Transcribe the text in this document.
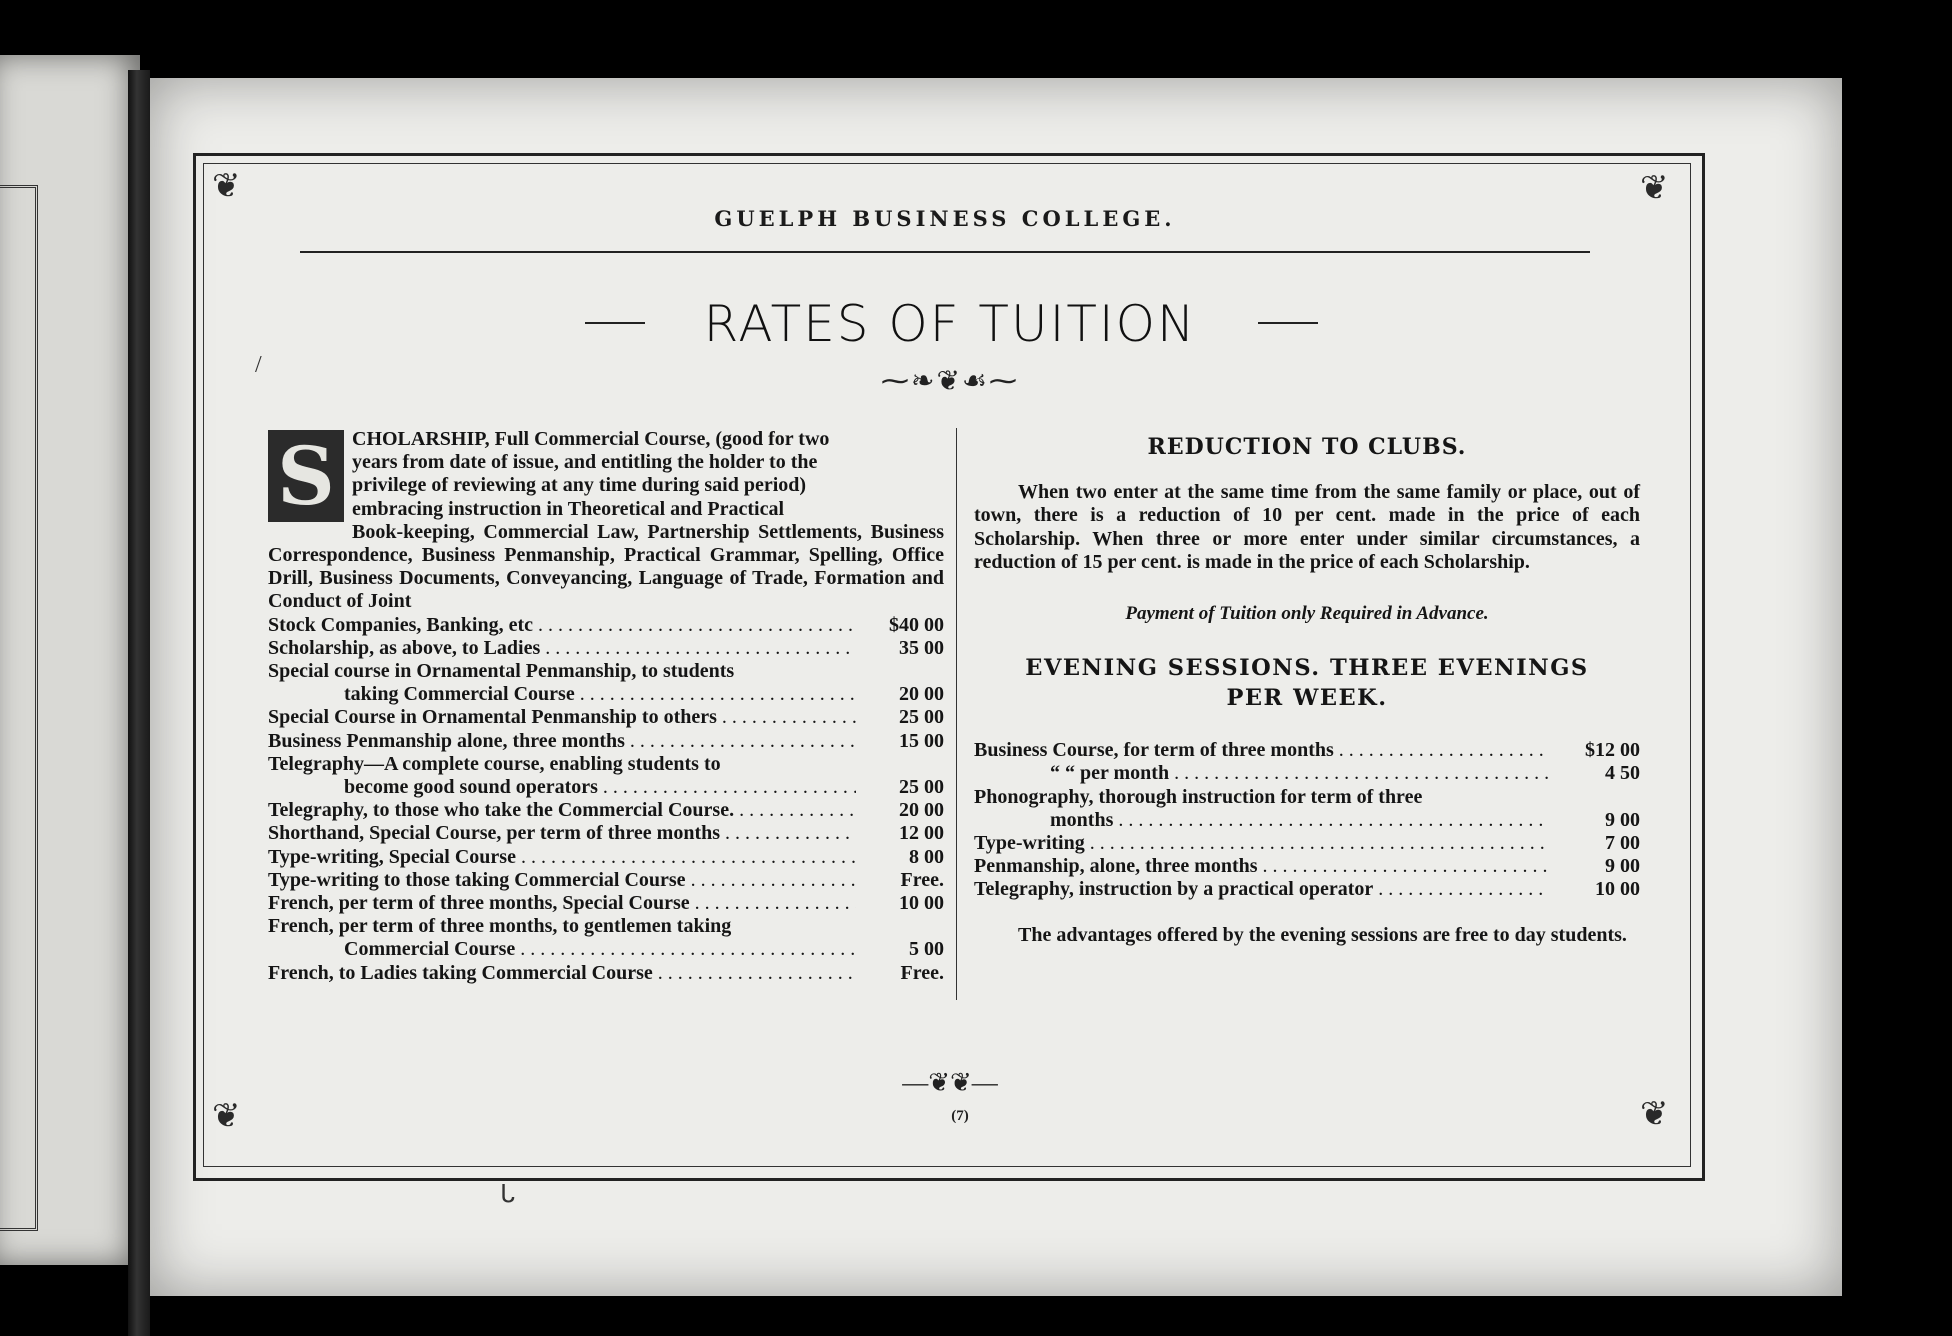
❦	❦
❦	❦
GUELPH BUSINESS COLLEGE.
RATES OF TUITION
⁓❧❦☙⁓
S CHOLARSHIP, Full Commercial Course, (good for two
years from date of issue, and entitling the holder to the
privilege of reviewing at any time during said period)
embracing instruction in Theoretical and Practical
Book-keeping, Commercial Law, Partnership Settlements, Business Correspondence, Business Penmanship, Practical Grammar, Spelling, Office Drill, Business Documents, Conveyancing, Language of Trade, Formation and Conduct of Joint
Stock Companies, Banking, etc . . .	$40 00
Scholarship, as above, to Ladies . . .	35 00
Special course in Ornamental Penmanship, to students
taking Commercial Course . . .	20 00
Special Course in Ornamental Penmanship to others . . .	25 00
Business Penmanship alone, three months . . .	15 00
Telegraphy—A complete course, enabling students to
become good sound operators . . .	25 00
Telegraphy, to those who take the Commercial Course. . . .	20 00
Shorthand, Special Course, per term of three months . . .	12 00
Type-writing, Special Course . . .	8 00
Type-writing to those taking Commercial Course . . .	Free.
French, per term of three months, Special Course . . .	10 00
French, per term of three months, to gentlemen taking
Commercial Course . . .	5 00
French, to Ladies taking Commercial Course . . .	Free.
REDUCTION TO CLUBS.
When two enter at the same time from the same family or place, out of town, there is a reduction of 10 per cent. made in the price of each Scholarship. When three or more enter under similar circumstances, a reduction of 15 per cent. is made in the price of each Scholarship.
Payment of Tuition only Required in Advance.
EVENING SESSIONS. THREE EVENINGS
PER WEEK.
Business Course, for term of three months . . .	$12 00
“ “ per month . . .	4 50
Phonography, thorough instruction for term of three
months . . .	9 00
Type-writing . . .	7 00
Penmanship, alone, three months . . .	9 00
Telegraphy, instruction by a practical operator . . .	10 00
The advantages offered by the evening sessions are free to day students.
—❦❦—
(7)
/
ᒐ
